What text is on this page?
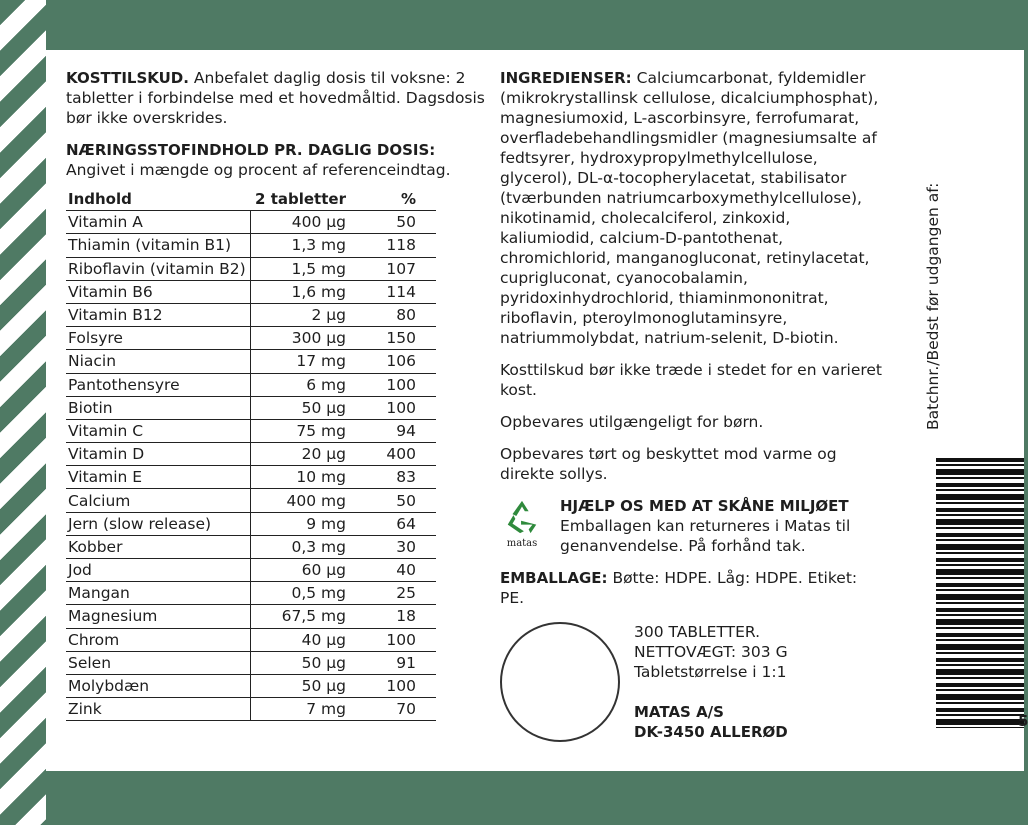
KOSTTILSKUD. Anbefalet daglig dosis til voksne: 2 tabletter i forbindelse med et hovedmåltid. Dagsdosis bør ikke overskrides.

NÆRINGSSTOFINDHOLD PR. DAGLIG DOSIS:

Angivet i mængde og procent af referenceindtag.

Indhold	2 tabletter	%
Vitamin A	400 µg	50
Thiamin (vitamin B1)	1,3 mg	118
Riboflavin (vitamin B2)	1,5 mg	107
Vitamin B6	1,6 mg	114
Vitamin B12	2 µg	80
Folsyre	300 µg	150
Niacin	17 mg	106
Pantothensyre	6 mg	100
Biotin	50 µg	100
Vitamin C	75 mg	94
Vitamin D	20 µg	400
Vitamin E	10 mg	83
Calcium	400 mg	50
Jern (slow release)	9 mg	64
Kobber	0,3 mg	30
Jod	60 µg	40
Mangan	0,5 mg	25
Magnesium	67,5 mg	18
Chrom	40 µg	100
Selen	50 µg	91
Molybdæn	50 µg	100
Zink	7 mg	70

INGREDIENSER: Calciumcarbonat, fyldemidler (mikrokrystallinsk cellulose, dicalciumphosphat), magnesiumoxid, L-ascorbinsyre, ferrofumarat, overfladebehandlingsmidler (magnesiumsalte af fedtsyrer, hydroxypropylmethylcellulose, glycerol), DL-α-tocopherylacetat, stabilisator (tværbunden natriumcarboxymethylcellulose), nikotinamid, cholecalciferol, zinkoxid, kaliumiodid, calcium-D-pantothenat, chromichlorid, manganogluconat, retinylacetat, cuprigluconat, cyanocobalamin, pyridoxinhydrochlorid, thiaminmononitrat, riboflavin, pteroylmonoglutaminsyre, natriummolybdat, natrium-selenit, D-biotin.

Kosttilskud bør ikke træde i stedet for en varieret kost.

Opbevares utilgængeligt for børn.

Opbevares tørt og beskyttet mod varme og direkte sollys.

matas
HJÆLP OS MED AT SKÅNE MILJØET
Emballagen kan returneres i Matas til genanvendelse. På forhånd tak.

EMBALLAGE: Bøtte: HDPE. Låg: HDPE. Etiket: PE.

300 TABLETTER.
NETTOVÆGT: 303 G
Tabletstørrelse i 1:1
MATAS A/S
DK-3450 ALLERØD
Batchnr./Bedst før udgangen af:
5
